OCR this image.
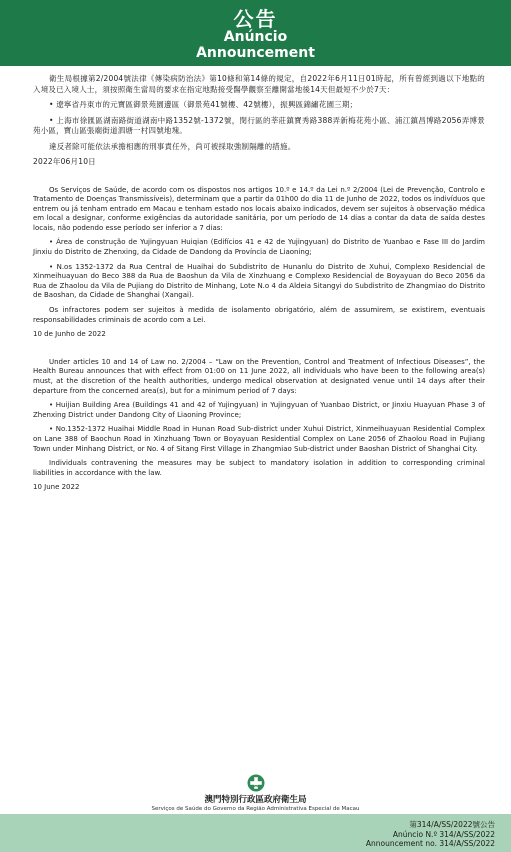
公告
Anúncio
Announcement

衛生局根據第2/2004號法律《傳染病防治法》第10條和第14條的規定，自2022年6月11日01時起，所有曾經到過以下地點的入境及已入境人士，須按照衛生當局的要求在指定地點接受醫學觀察至離開當地後14天但最短不少於7天：

• 遼寧省丹東市的元寶區御景苑園邊區（御景苑41號樓、42號樓），振興區錦繡花園三期；

• 上海市徐匯區湖南路街道湖南中路1352號-1372號，閔行區的莘莊鎮寶秀路388弄新梅花苑小區、浦江鎮昌博路2056弄博景苑小區，寶山區張廟街道泗塘一村四號地塊。

違反者除可能依法承擔相應的刑事責任外，尚可被採取強制隔離的措施。

2022年06月10日

Os Serviços de Saúde, de acordo com os dispostos nos artigos 10.º e 14.º da Lei n.º 2/2004 (Lei de Prevenção, Controlo e Tratamento de Doenças Transmissíveis), determinam que a partir da 01h00 do dia 11 de Junho de 2022, todos os indivíduos que entrem ou já tenham entrado em Macau e tenham estado nos locais abaixo indicados, devem ser sujeitos à observação médica em local a designar, conforme exigências da autoridade sanitária, por um período de 14 dias a contar da data de saída destes locais, não podendo esse período ser inferior a 7 dias:

• Área de construção de Yujingyuan Huiqian (Edifícios 41 e 42 de Yujingyuan) do Distrito de Yuanbao e Fase III do Jardim Jinxiu do Distrito de Zhenxing, da Cidade de Dandong da Província de Liaoning;

• N.os 1352-1372 da Rua Central de Huaihai do Subdistrito de Hunanlu do Distrito de Xuhui, Complexo Residencial de Xinmeihuayuan do Beco 388 da Rua de Baoshun da Vila de Xinzhuang e Complexo Residencial de Boyayuan do Beco 2056 da Rua de Zhaolou da Vila de Pujiang do Distrito de Minhang, Lote N.o 4 da Aldeia Sitangyi do Subdistrito de Zhangmiao do Distrito de Baoshan, da Cidade de Shanghai (Xangai).

Os infractores podem ser sujeitos à medida de isolamento obrigatório, além de assumirem, se existirem, eventuais responsabilidades criminais de acordo com a Lei.

10 de Junho de 2022

Under articles 10 and 14 of Law no. 2/2004 – “Law on the Prevention, Control and Treatment of Infectious Diseases”, the Health Bureau announces that with effect from 01:00 on 11 June 2022, all individuals who have been to the following area(s) must, at the discretion of the health authorities, undergo medical observation at designated venue until 14 days after their departure from the concerned area(s), but for a minimum period of 7 days:

• Huijian Building Area (Buildings 41 and 42 of Yujingyuan) in Yujingyuan of Yuanbao District, or Jinxiu Huayuan Phase 3 of Zhenxing District under Dandong City of Liaoning Province;

• No.1352-1372 Huaihai Middle Road in Hunan Road Sub-district under Xuhui District, Xinmeihuayuan Residential Complex on Lane 388 of Baochun Road in Xinzhuang Town or Boyayuan Residential Complex on Lane 2056 of Zhaolou Road in Pujiang Town under Minhang District, or No. 4 of Sitang First Village in Zhangmiao Sub-district under Baoshan District of Shanghai City.

Individuals contravening the measures may be subject to mandatory isolation in addition to corresponding criminal liabilities in accordance with the law.

10 June 2022

澳門特別行政區政府衛生局
Serviços de Saúde do Governo da Região Administrativa Especial de Macau
第314/A/SS/2022號公告
Anúncio N.º 314/A/SS/2022
Announcement no. 314/A/SS/2022
